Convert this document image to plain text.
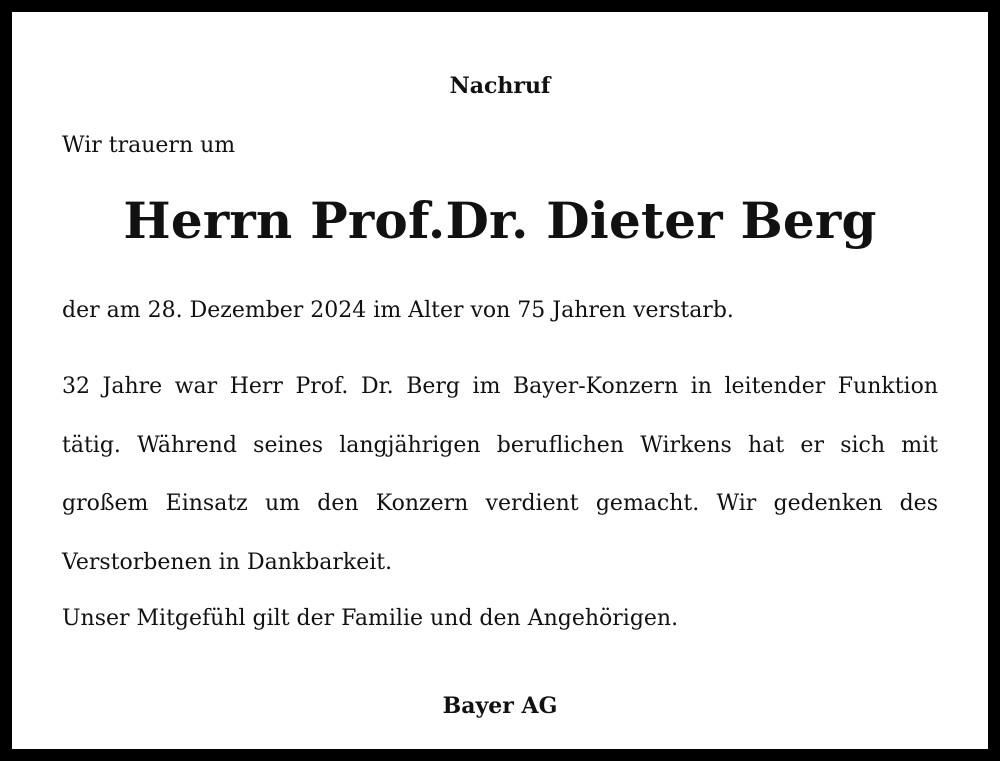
Nachruf
Wir trauern um
Herrn Prof.Dr. Dieter Berg
der am 28. Dezember 2024 im Alter von 75 Jahren verstarb.

32 Jahre war Herr Prof. Dr. Berg im Bayer-Konzern in leitender Funktion tätig. Während seines langjährigen beruflichen Wirkens hat er sich mit großem Einsatz um den Konzern verdient gemacht. Wir gedenken des Verstorbenen in Dankbarkeit.

Unser Mitgefühl gilt der Familie und den Angehörigen.
Bayer AG
